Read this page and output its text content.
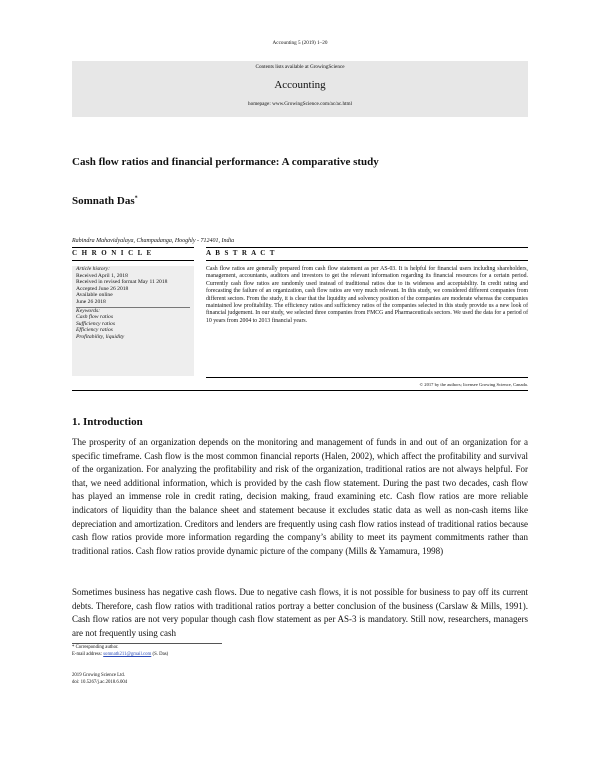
Accounting 5 (2019) 1–20
Contents lists available at GrowingScience
Accounting
homepage: www.GrowingScience.com/ac/ac.html
Cash flow ratios and financial performance: A comparative study
Somnath Das*
Rabindra Mahavidyalaya, Champadanga, Hooghly - 712401, India
C H R O N I C L E	A B S T R A C T
Article history:
Received April 1, 2018
Received in revised format May 11 2018
Accepted June 26 2018
Available online
June 26 2018
Keywords:
Cash flow ratios
Sufficiency ratios
Efficiency ratios
Profitability, liquidity
Cash flow ratios are generally prepared from cash flow statement as per AS-03. It is helpful for financial users including shareholders, management, accountants, auditors and investors to get the relevant information regarding its financial resources for a certain period. Currently cash flow ratios are randomly used instead of traditional ratios due to its wideness and acceptability. In credit rating and forecasting the failure of an organization, cash flow ratios are very much relevant. In this study, we considered different companies from different sectors. From the study, it is clear that the liquidity and solvency position of the companies are moderate whereas the companies maintained low profitability. The efficiency ratios and sufficiency ratios of the companies selected in this study provide us a new look of financial judgement. In our study, we selected three companies from FMCG and Pharmaceuticals sectors. We used the data for a period of 10 years from 2004 to 2013 financial years.
© 2017 by the authors; licensee Growing Science, Canada.
1. Introduction
The prosperity of an organization depends on the monitoring and management of funds in and out of an organization for a specific timeframe. Cash flow is the most common financial reports (Halen, 2002), which affect the profitability and survival of the organization. For analyzing the profitability and risk of the organization, traditional ratios are not always helpful. For that, we need additional information, which is provided by the cash flow statement. During the past two decades, cash flow has played an immense role in credit rating, decision making, fraud examining etc. Cash flow ratios are more reliable indicators of liquidity than the balance sheet and statement because it excludes static data as well as non-cash items like depreciation and amortization. Creditors and lenders are frequently using cash flow ratios instead of traditional ratios because cash flow ratios provide more information regarding the company’s ability to meet its payment commitments rather than traditional ratios. Cash flow ratios provide dynamic picture of the company (Mills & Yamamura, 1998)
Sometimes business has negative cash flows. Due to negative cash flows, it is not possible for business to pay off its current debts. Therefore, cash flow ratios with traditional ratios portray a better conclusion of the business (Carslaw & Mills, 1991). Cash flow ratios are not very popular though cash flow statement as per AS-3 is mandatory. Still now, researchers, managers are not frequently using cash
* Corresponding author.
E-mail address: somnath211@gmail.com (S. Das)
2019 Growing Science Ltd.
doi: 10.5267/j.ac.2018.6.004
